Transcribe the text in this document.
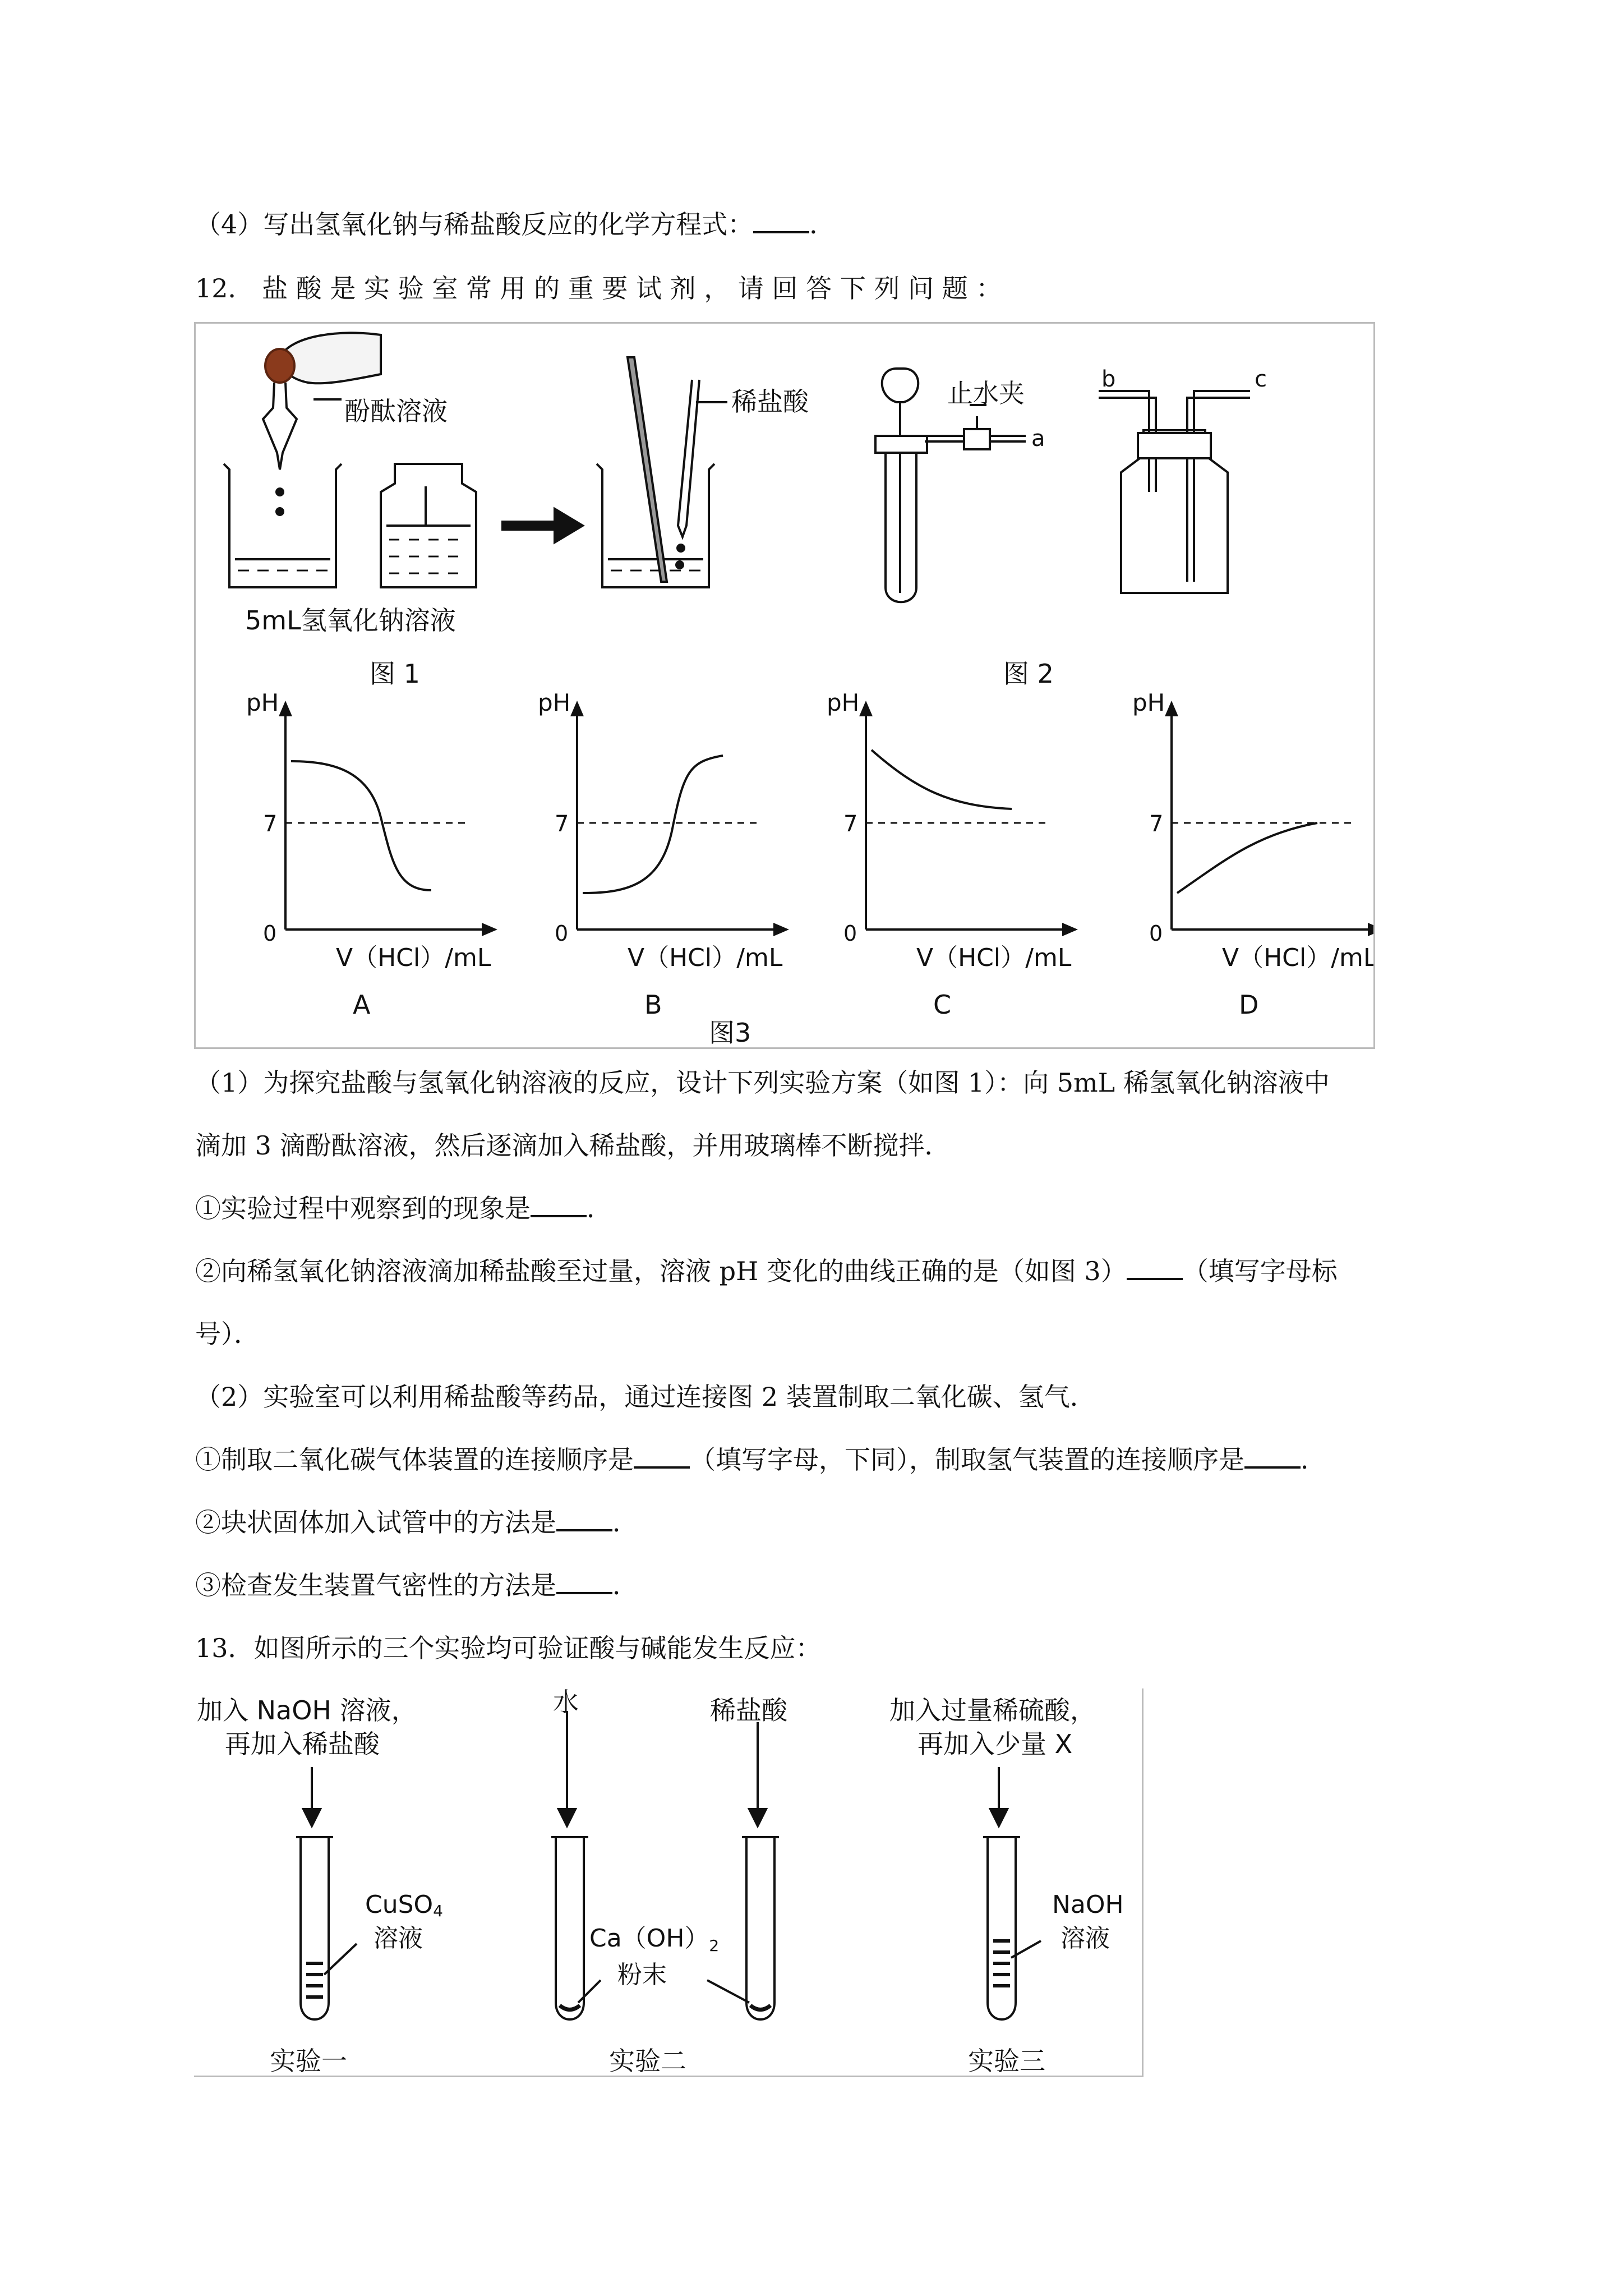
（4）写出氢氧化钠与稀盐酸反应的化学方程式： ．
12． 盐 酸 是 实 验 室 常 用 的 重 要 试 剂 ， 请 回 答 下 列 问 题 ：
酚酞溶液
5mL氢氧化钠溶液
稀盐酸
图 1
止水夹
a
b	c
图 2
pH
7
0
V（HCl）/mL
A
pH
7
0
V（HCl）/mL
B
pH
7
0
V（HCl）/mL
C
pH
7
0
V（HCl）/mL
D
图3
（1）为探究盐酸与氢氧化钠溶液的反应，设计下列实验方案（如图 1）：向 5mL 稀氢氧化钠溶液中
滴加 3 滴酚酞溶液，然后逐滴加入稀盐酸，并用玻璃棒不断搅拌．
①实验过程中观察到的现象是 ．
②向稀氢氧化钠溶液滴加稀盐酸至过量，溶液 pH 变化的曲线正确的是（如图 3） （填写字母标
号）．
（2）实验室可以利用稀盐酸等药品，通过连接图 2 装置制取二氧化碳、氢气．
①制取二氧化碳气体装置的连接顺序是 （填写字母，下同），制取氢气装置的连接顺序是 ．
②块状固体加入试管中的方法是 ．
③检查发生装置气密性的方法是 ．
13．如图所示的三个实验均可验证酸与碱能发生反应：
加入 NaOH 溶液，
再加入稀盐酸
CuSO4
溶液
实验一
水	稀盐酸
Ca（OH）2
粉末
实验二
加入过量稀硫酸，
再加入少量 X
NaOH
溶液
实验三
